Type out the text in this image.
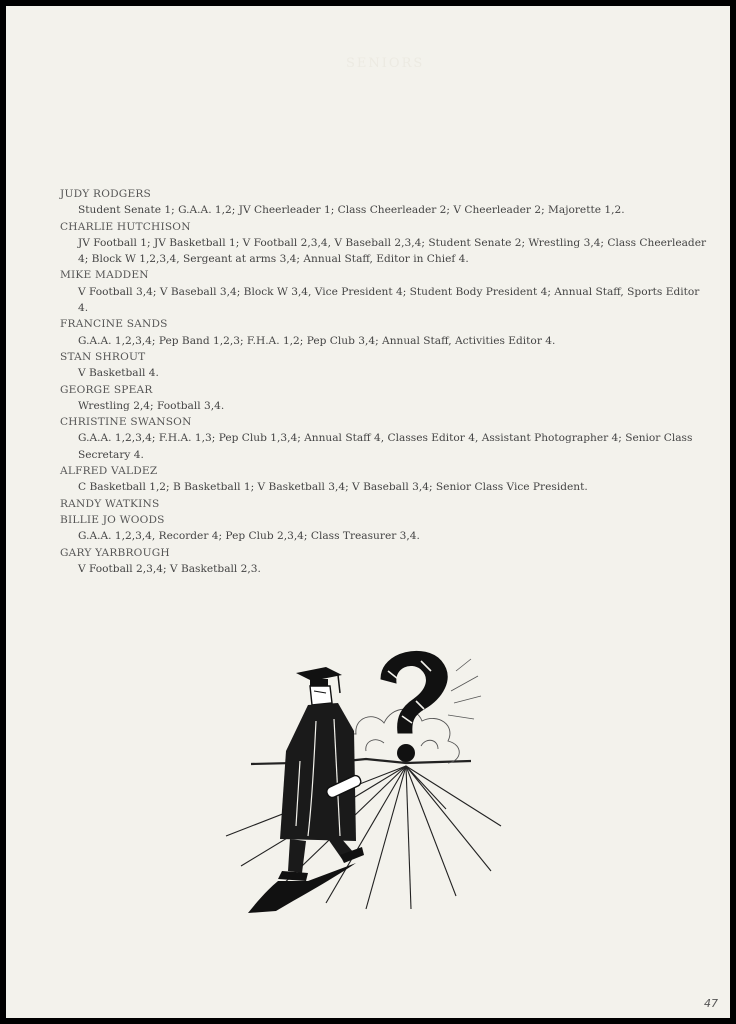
SENIORS
JUDY RODGERS
Student Senate 1; G.A.A. 1,2; JV Cheerleader 1; Class Cheerleader 2; V Cheerleader 2; Majorette 1,2.
CHARLIE HUTCHISON
JV Football 1; JV Basketball 1; V Football 2,3,4, V Baseball 2,3,4; Student Senate 2; Wrestling 3,4; Class Cheerleader 4; Block W 1,2,3,4, Sergeant at arms 3,4; Annual Staff, Editor in Chief 4.
MIKE MADDEN
V Football 3,4; V Baseball 3,4; Block W 3,4, Vice President 4; Student Body President 4; Annual Staff, Sports Editor 4.
FRANCINE SANDS
G.A.A. 1,2,3,4; Pep Band 1,2,3; F.H.A. 1,2; Pep Club 3,4; Annual Staff, Activities Editor 4.
STAN SHROUT
V Basketball 4.
GEORGE SPEAR
Wrestling 2,4; Football 3,4.
CHRISTINE SWANSON
G.A.A. 1,2,3,4; F.H.A. 1,3; Pep Club 1,3,4; Annual Staff 4, Classes Editor 4, Assistant Photographer 4; Senior Class Secretary 4.
ALFRED VALDEZ
C Basketball 1,2; B Basketball 1; V Basketball 3,4; V Baseball 3,4; Senior Class Vice President.
RANDY WATKINS
BILLIE JO WOODS
G.A.A. 1,2,3,4, Recorder 4; Pep Club 2,3,4; Class Treasurer 3,4.
GARY YARBROUGH
V Football 2,3,4; V Basketball 2,3.
47
